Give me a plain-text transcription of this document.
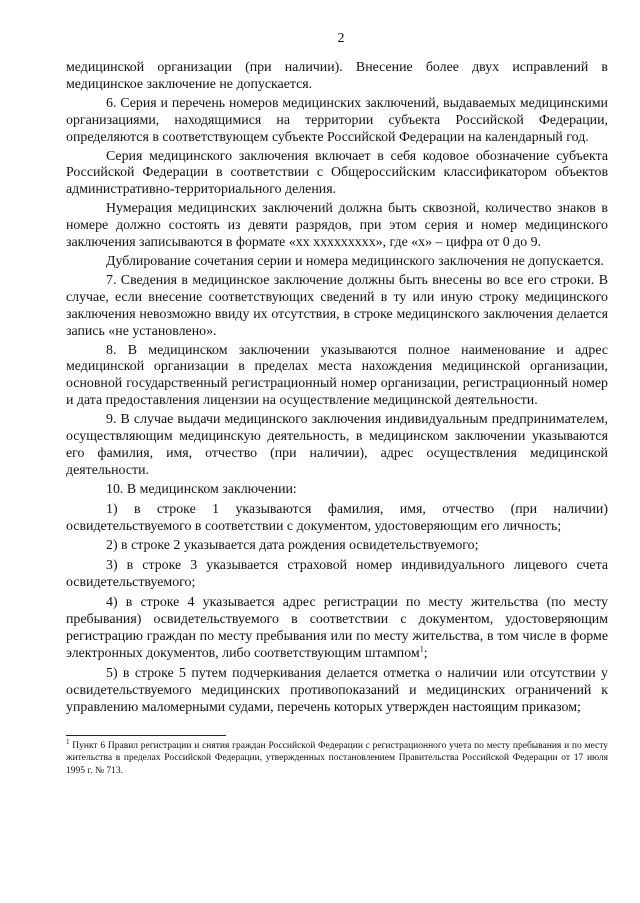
2

медицинской организации (при наличии). Внесение более двух исправлений в медицинское заключение не допускается.

6. Серия и перечень номеров медицинских заключений, выдаваемых медицинскими организациями, находящимися на территории субъекта Российской Федерации, определяются в соответствующем субъекте Российской Федерации на календарный год.

Серия медицинского заключения включает в себя кодовое обозначение субъекта Российской Федерации в соответствии с Общероссийским классификатором объектов административно-территориального деления.

Нумерация медицинских заключений должна быть сквозной, количество знаков в номере должно состоять из девяти разрядов, при этом серия и номер медицинского заключения записываются в формате «хх ххххххххх», где «х» – цифра от 0 до 9.

Дублирование сочетания серии и номера медицинского заключения не допускается.

7. Сведения в медицинское заключение должны быть внесены во все его строки. В случае, если внесение соответствующих сведений в ту или иную строку медицинского заключения невозможно ввиду их отсутствия, в строке медицинского заключения делается запись «не установлено».

8. В медицинском заключении указываются полное наименование и адрес медицинской организации в пределах места нахождения медицинской организации, основной государственный регистрационный номер организации, регистрационный номер и дата предоставления лицензии на осуществление медицинской деятельности.

9. В случае выдачи медицинского заключения индивидуальным предпринимателем, осуществляющим медицинскую деятельность, в медицинском заключении указываются его фамилия, имя, отчество (при наличии), адрес осуществления медицинской деятельности.

10. В медицинском заключении:

1) в строке 1 указываются фамилия, имя, отчество (при наличии) освидетельствуемого в соответствии с документом, удостоверяющим его личность;

2) в строке 2 указывается дата рождения освидетельствуемого;

3) в строке 3 указывается страховой номер индивидуального лицевого счета освидетельствуемого;

4) в строке 4 указывается адрес регистрации по месту жительства (по месту пребывания) освидетельствуемого в соответствии с документом, удостоверяющим регистрацию граждан по месту пребывания или по месту жительства, в том числе в форме электронных документов, либо соответствующим штампом$^1$;

5) в строке 5 путем подчеркивания делается отметка о наличии или отсутствии у освидетельствуемого медицинских противопоказаний и медицинских ограничений к управлению маломерными судами, перечень которых утвержден настоящим приказом;

$^1$ Пункт 6 Правил регистрации и снятия граждан Российской Федерации с регистрационного учета по месту пребывания и по месту жительства в пределах Российской Федерации, утвержденных постановлением Правительства Российской Федерации от 17 июля 1995 г. № 713.
